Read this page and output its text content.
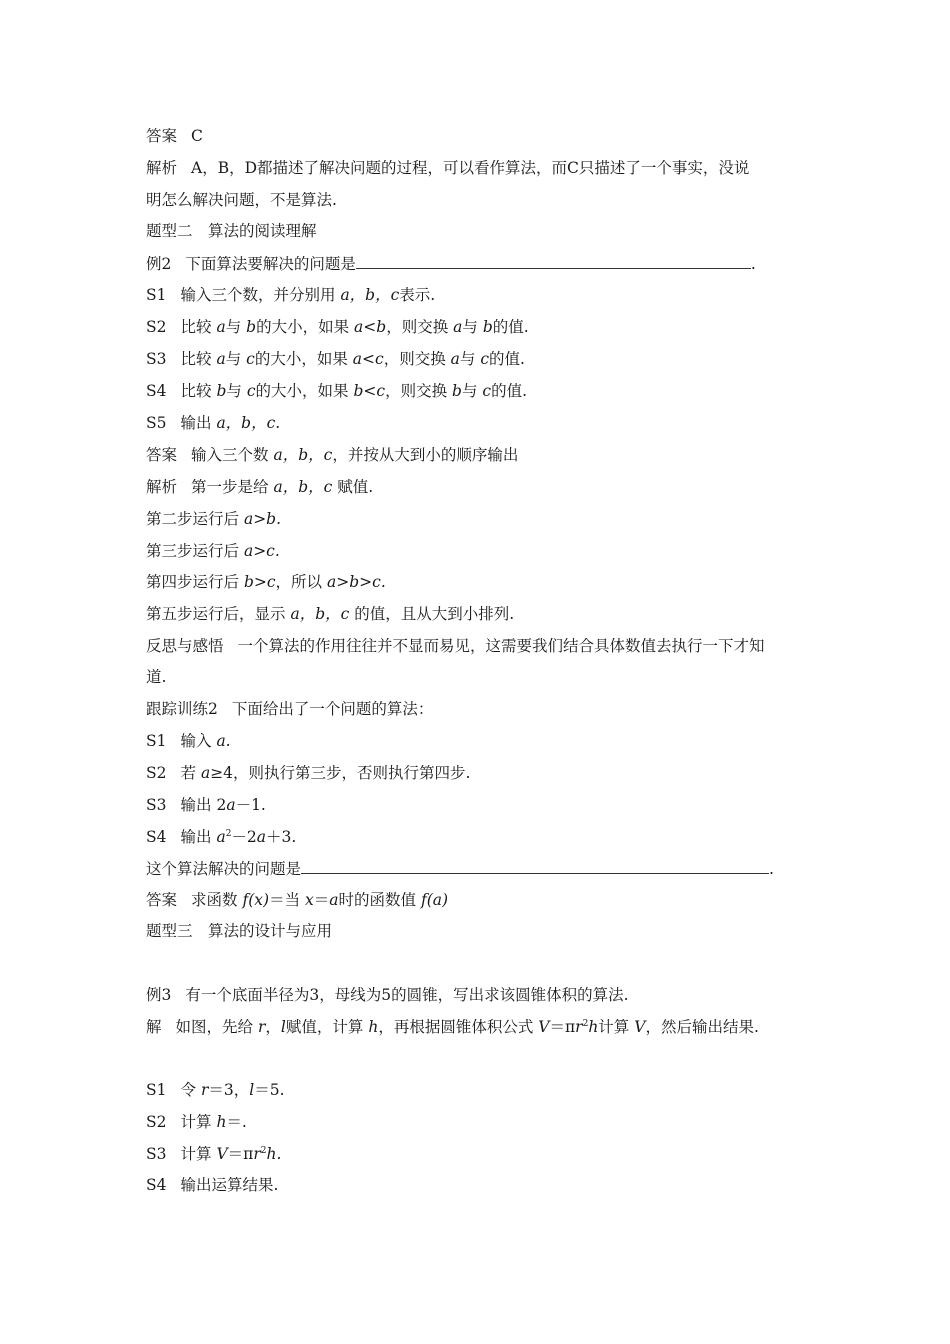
答案 C
解析 A，B，D都描述了解决问题的过程，可以看作算法，而C只描述了一个事实，没说
明怎么解决问题，不是算法.
题型二　算法的阅读理解
例2 下面算法要解决的问题是	.
S1 输入三个数，并分别用 a，b，c表示.
S2 比较 a与 b的大小，如果 a<b，则交换 a与 b的值.
S3 比较 a与 c的大小，如果 a<c，则交换 a与 c的值.
S4 比较 b与 c的大小，如果 b<c，则交换 b与 c的值.
S5 输出 a，b，c.
答案 输入三个数 a，b，c，并按从大到小的顺序输出
解析 第一步是给 a，b，c 赋值.
第二步运行后 a>b.
第三步运行后 a>c.
第四步运行后 b>c，所以 a>b>c.
第五步运行后，显示 a，b，c 的值，且从大到小排列.
反思与感悟 一个算法的作用往往并不显而易见，这需要我们结合具体数值去执行一下才知
道.
跟踪训练2 下面给出了一个问题的算法：
S1 输入 a.
S2 若 a≥4，则执行第三步，否则执行第四步.
S3 输出 2a－1.
S4 输出 $a^2-2a+3$.
这个算法解决的问题是	.
答案 求函数 f(x)＝当 x＝a时的函数值 f(a)
题型三　算法的设计与应用
例3 有一个底面半径为3，母线为5的圆锥，写出求该圆锥体积的算法.
解 如图，先给 r，l赋值，计算 h，再根据圆锥体积公式 $V=\pi r^2h$计算 V，然后输出结果.
S1 令 r＝3，l＝5.
S2 计算 h＝.
S3 计算 $V=\pi r^2h$.
S4 输出运算结果.
